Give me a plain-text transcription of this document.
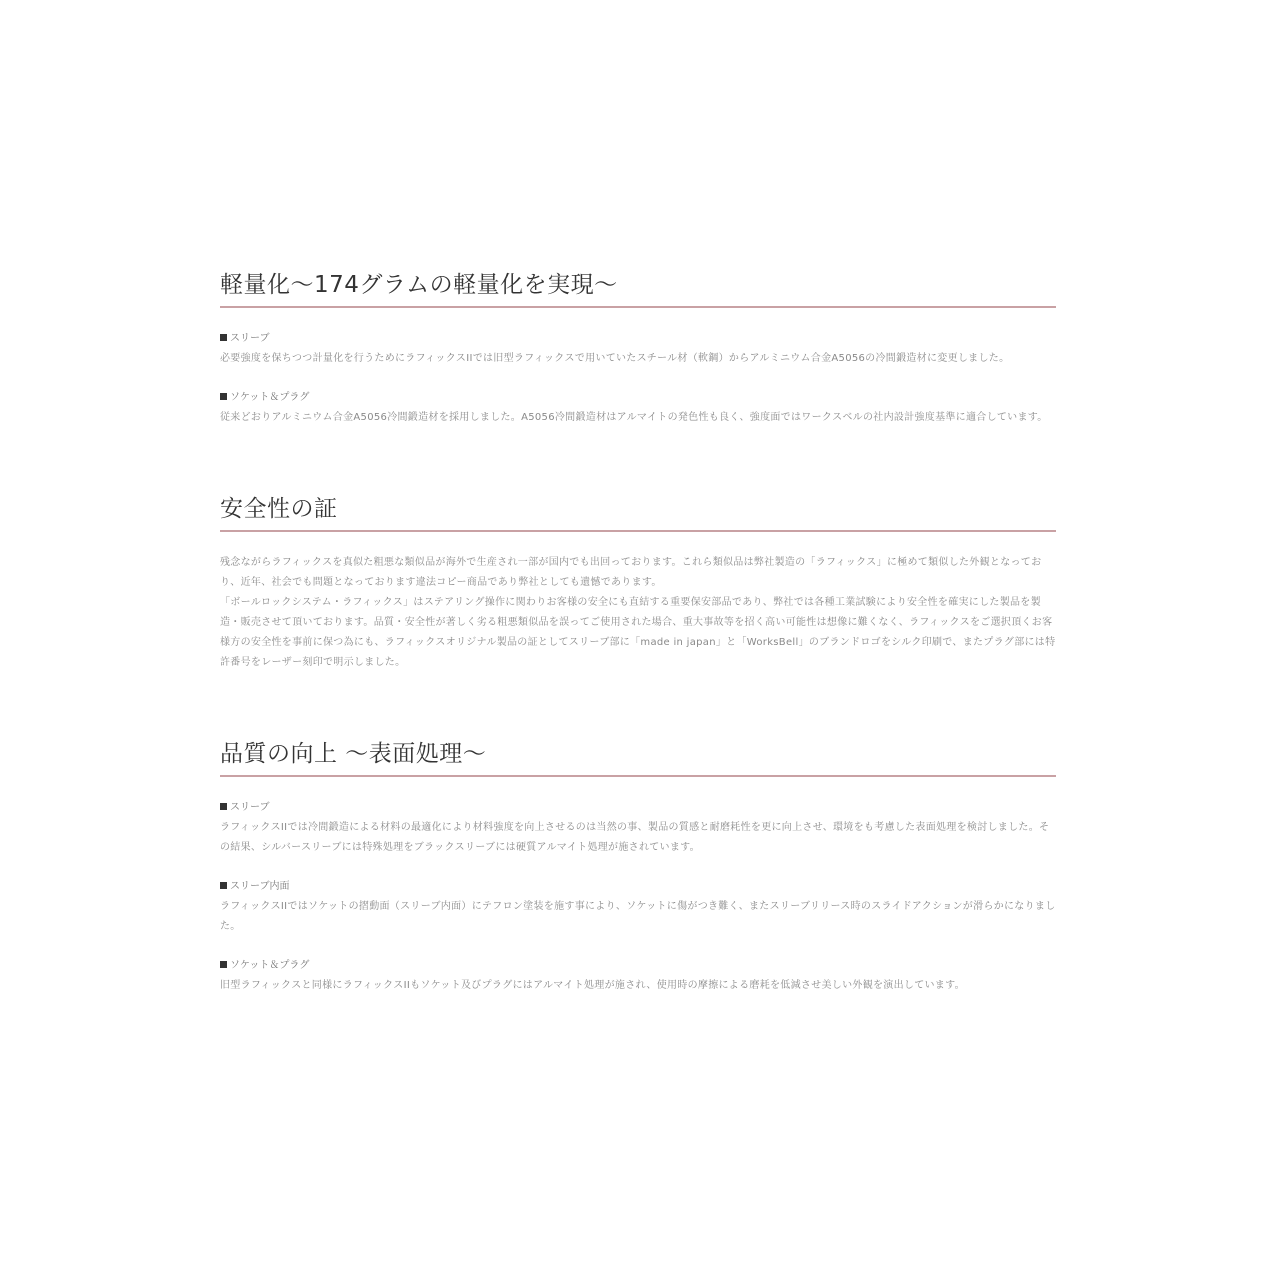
軽量化～174グラムの軽量化を実現～
スリーブ

必要強度を保ちつつ計量化を行うためにラフィックスIIでは旧型ラフィックスで用いていたスチール材（軟鋼）からアルミニウム合金A5056の冷間鍛造材に変更しました。

ソケット＆プラグ

従来どおりアルミニウム合金A5056冷間鍛造材を採用しました。A5056冷間鍛造材はアルマイトの発色性も良く、強度面ではワークスベルの社内設計強度基準に適合しています。

安全性の証

残念ながらラフィックスを真似た粗悪な類似品が海外で生産され一部が国内でも出回っております。これら類似品は弊社製造の「ラフィックス」に極めて類似した外観となっており、近年、社会でも問題となっております違法コピー商品であり弊社としても遺憾であります。

「ボールロックシステム・ラフィックス」はステアリング操作に関わりお客様の安全にも直結する重要保安部品であり、弊社では各種工業試験により安全性を確実にした製品を製造・販売させて頂いております。品質・安全性が著しく劣る粗悪類似品を誤ってご使用された場合、重大事故等を招く高い可能性は想像に難くなく、ラフィックスをご選択頂くお客様方の安全性を事前に保つ為にも、ラフィックスオリジナル製品の証としてスリーブ部に「made in japan」と「WorksBell」のブランドロゴをシルク印刷で、またプラグ部には特許番号をレーザー刻印で明示しました。

品質の向上 ～表面処理～
スリーブ

ラフィックスIIでは冷間鍛造による材料の最適化により材料強度を向上させるのは当然の事、製品の質感と耐磨耗性を更に向上させ、環境をも考慮した表面処理を検討しました。その結果、シルバースリーブには特殊処理をブラックスリーブには硬質アルマイト処理が施されています。

スリーブ内面

ラフィックスIIではソケットの摺動面（スリーブ内面）にテフロン塗装を施す事により、ソケットに傷がつき難く、またスリーブリリース時のスライドアクションが滑らかになりました。

ソケット＆プラグ

旧型ラフィックスと同様にラフィックスIIもソケット及びプラグにはアルマイト処理が施され、使用時の摩擦による磨耗を低減させ美しい外観を演出しています。
